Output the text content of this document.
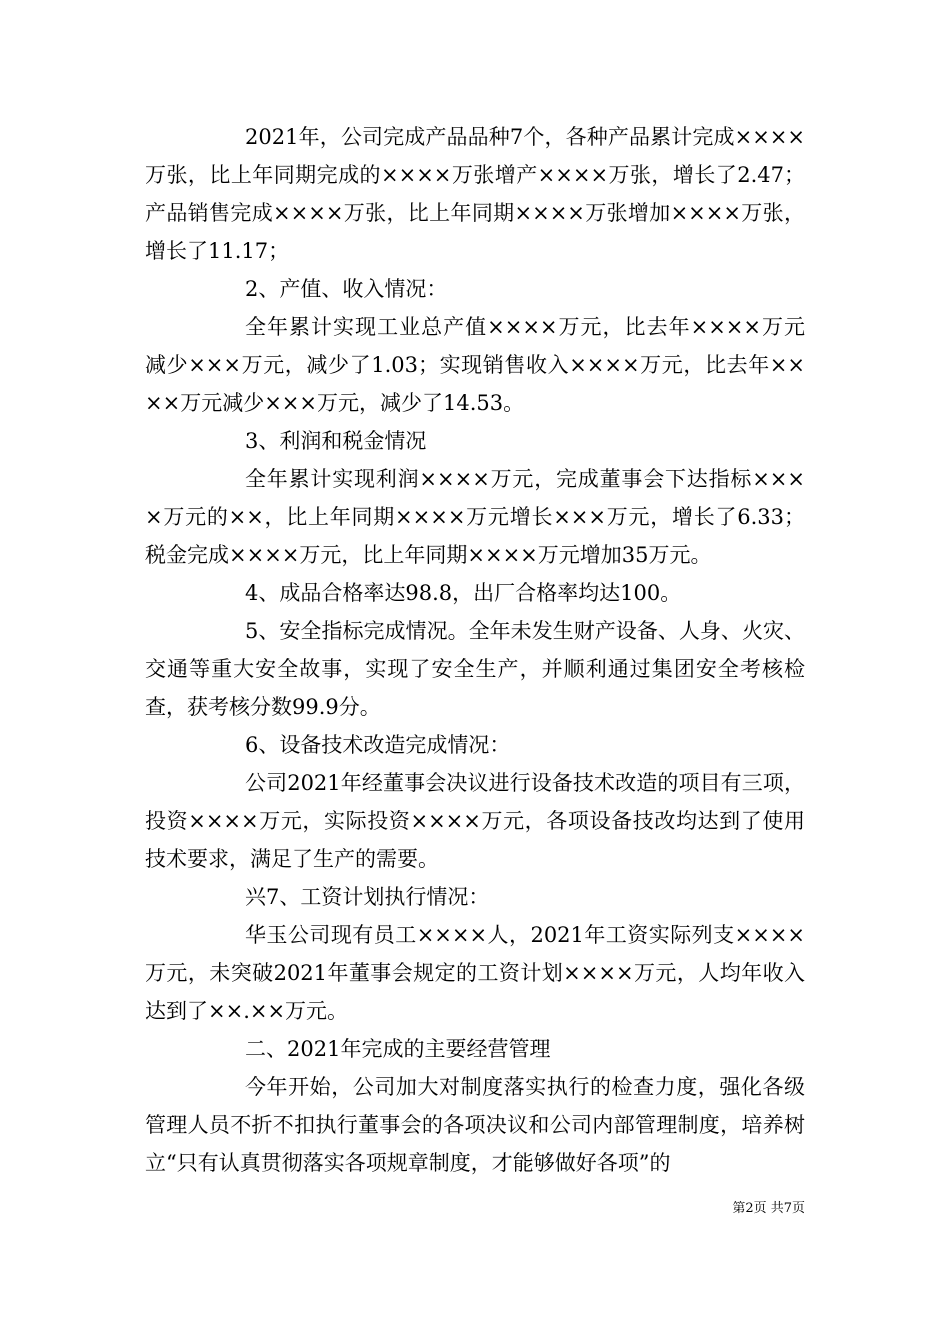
2021年，公司完成产品品种7个，各种产品累计完成××××万张，比上年同期完成的××××万张增产××××万张，增长了2.47；产品销售完成××××万张，比上年同期××××万张增加××××万张，增长了11.17；

2、产值、收入情况：

全年累计实现工业总产值××××万元，比去年××××万元减少×××万元，减少了1.03；实现销售收入××××万元，比去年××××万元减少×××万元，减少了14.53。

3、利润和税金情况

全年累计实现利润××××万元，完成董事会下达指标××××万元的××，比上年同期××××万元增长×××万元，增长了6.33；税金完成××××万元，比上年同期××××万元增加35万元。

4、成品合格率达98.8，出厂合格率均达100。

5、安全指标完成情况。全年未发生财产设备、人身、火灾、交通等重大安全故事，实现了安全生产，并顺利通过集团安全考核检查，获考核分数99.9分。

6、设备技术改造完成情况：

公司2021年经董事会决议进行设备技术改造的项目有三项，投资××××万元，实际投资××××万元，各项设备技改均达到了使用技术要求，满足了生产的需要。

兴7、工资计划执行情况：

华玉公司现有员工××××人，2021年工资实际列支××××万元，未突破2021年董事会规定的工资计划××××万元，人均年收入达到了××.××万元。

二、2021年完成的主要经营管理

今年开始，公司加大对制度落实执行的检查力度，强化各级管理人员不折不扣执行董事会的各项决议和公司内部管理制度，培养树立“只有认真贯彻落实各项规章制度，才能够做好各项”的

第2页 共7页
